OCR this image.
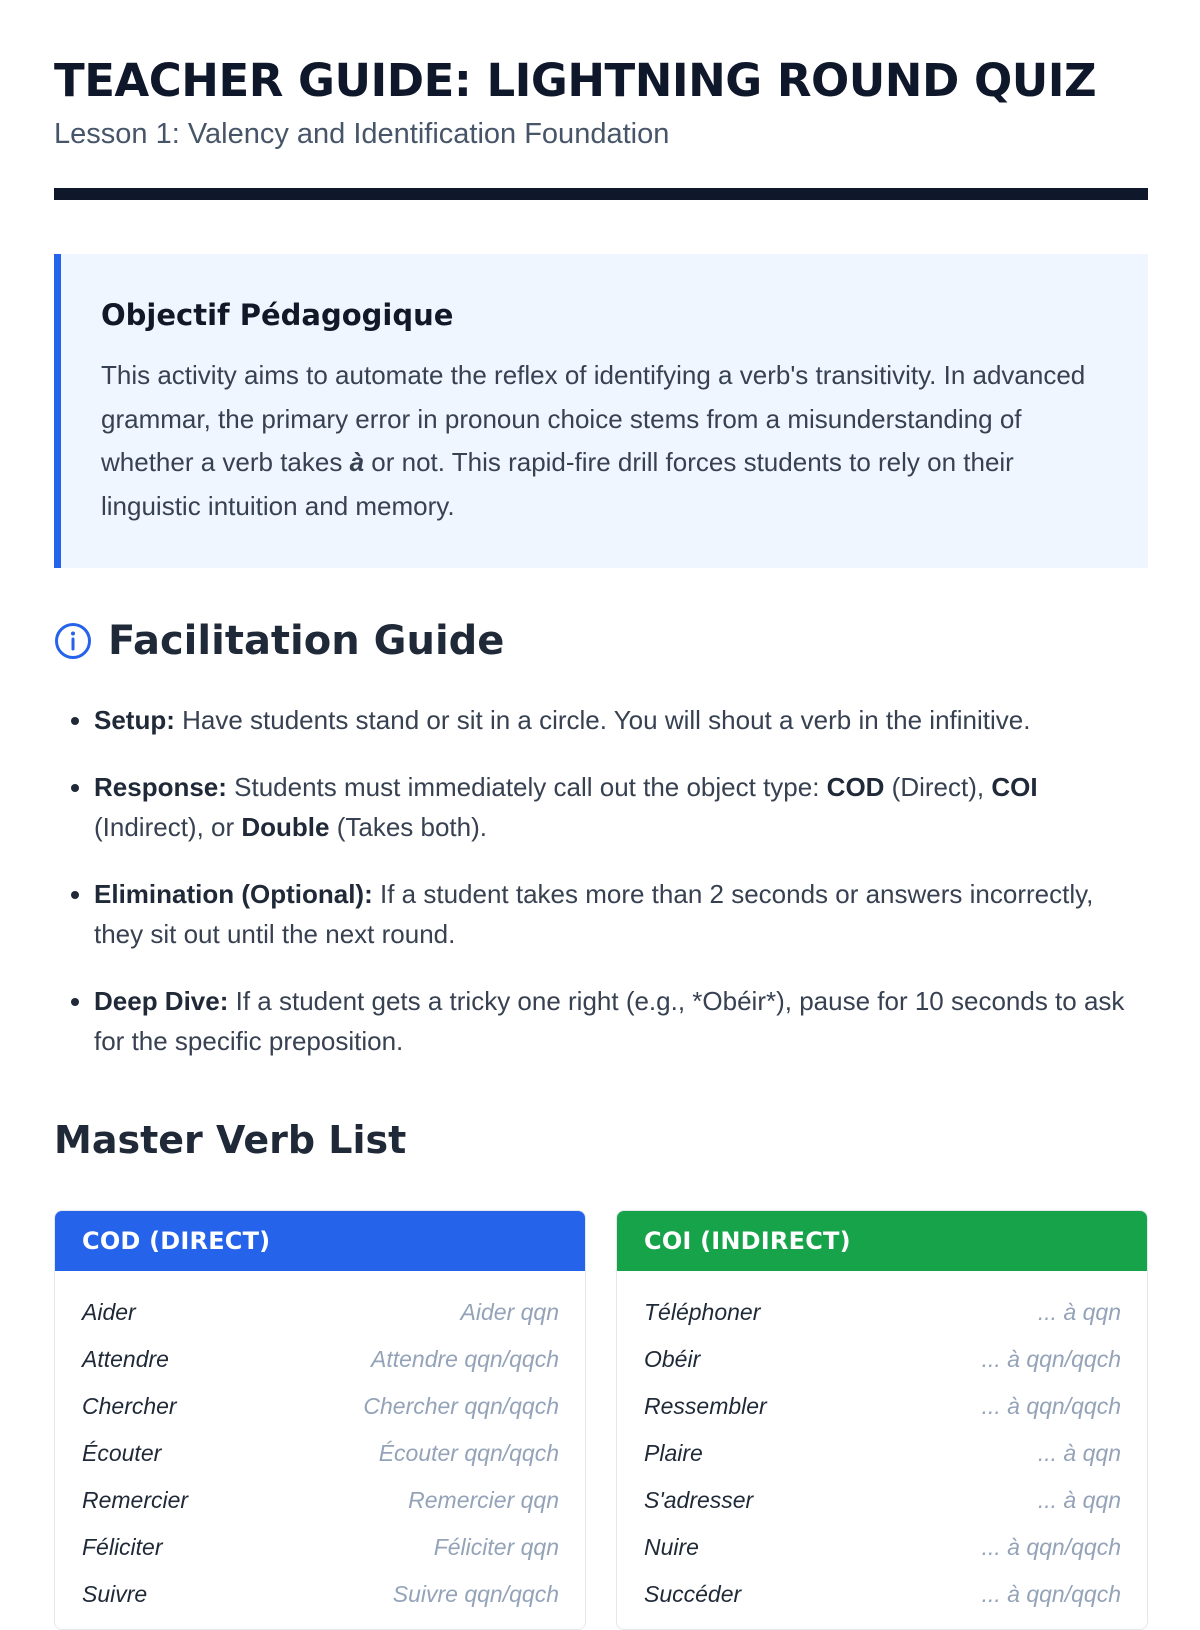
TEACHER GUIDE: LIGHTNING ROUND QUIZ
Lesson 1: Valency and Identification Foundation
Objectif Pédagogique

This activity aims to automate the reflex of identifying a verb's transitivity. In advanced grammar, the primary error in pronoun choice stems from a misunderstanding of whether a verb takes à or not. This rapid-fire drill forces students to rely on their linguistic intuition and memory.

Facilitation Guide
• Setup: Have students stand or sit in a circle. You will shout a verb in the infinitive.
• Response: Students must immediately call out the object type: COD (Direct), COI (Indirect), or Double (Takes both).
• Elimination (Optional): If a student takes more than 2 seconds or answers incorrectly, they sit out until the next round.
• Deep Dive: If a student gets a tricky one right (e.g., *Obéir*), pause for 10 seconds to ask for the specific preposition.
Master Verb List
COD (DIRECT)
Aider	Aider qqn
Attendre	Attendre qqn/qqch
Chercher	Chercher qqn/qqch
Écouter	Écouter qqn/qqch
Remercier	Remercier qqn
Féliciter	Féliciter qqn
Suivre	Suivre qqn/qqch
COI (INDIRECT)
Téléphoner	... à qqn
Obéir	... à qqn/qqch
Ressembler	... à qqn/qqch
Plaire	... à qqn
S'adresser	... à qqn
Nuire	... à qqn/qqch
Succéder	... à qqn/qqch
